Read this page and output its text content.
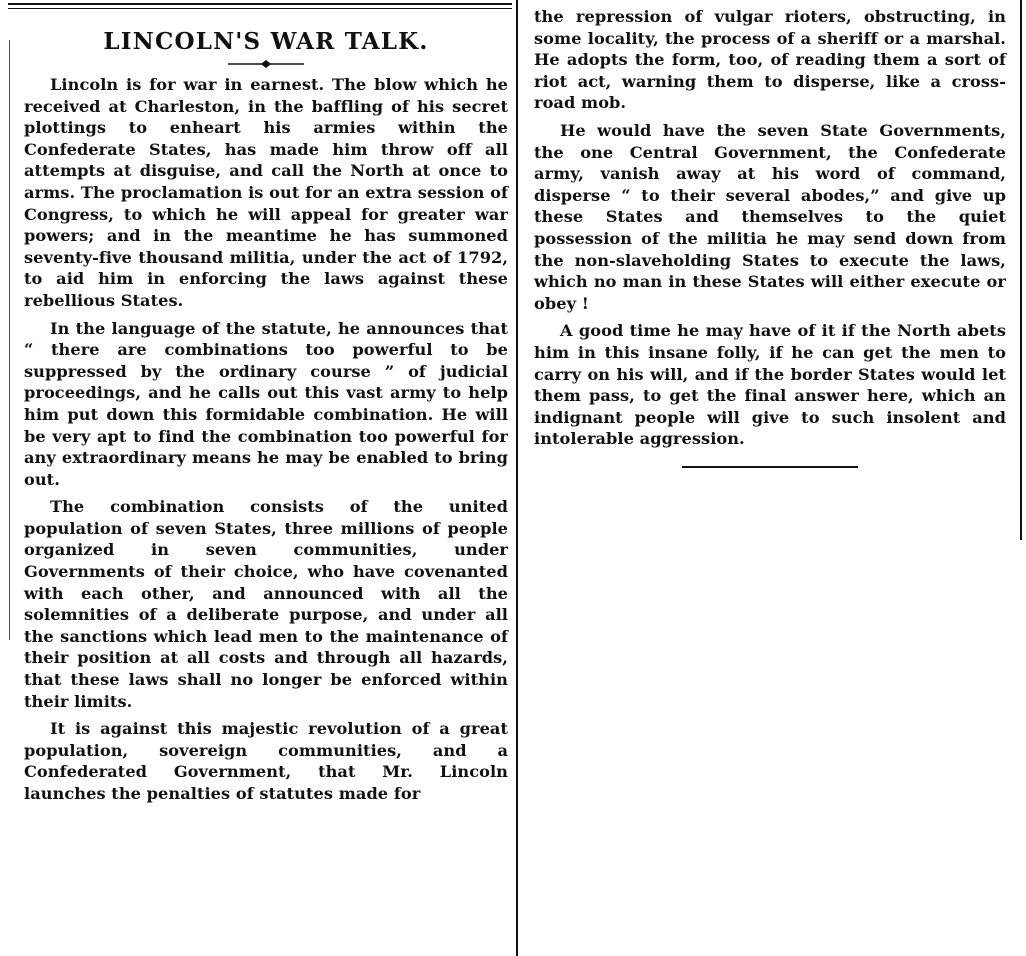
LINCOLN'S WAR TALK.

Lincoln is for war in earnest. The blow which he received at Charleston, in the baffling of his secret plottings to enheart his armies within the Confederate States, has made him throw off all attempts at disguise, and call the North at once to arms. The proclamation is out for an extra session of Congress, to which he will appeal for greater war powers; and in the meantime he has summoned seventy-five thousand militia, under the act of 1792, to aid him in enforcing the laws against these rebellious States.

In the language of the statute, he announces that “ there are combinations too powerful to be suppressed by the ordinary course ” of judicial proceedings, and he calls out this vast army to help him put down this formidable combination. He will be very apt to find the combination too powerful for any extraordinary means he may be enabled to bring out.

The combination consists of the united population of seven States, three millions of people organized in seven communities, under Governments of their choice, who have covenanted with each other, and announced with all the solemnities of a deliberate purpose, and under all the sanctions which lead men to the maintenance of their position at all costs and through all hazards, that these laws shall no longer be enforced within their limits.

It is against this majestic revolution of a great population, sovereign communities, and a Confederated Government, that Mr. Lincoln launches the penalties of statutes made for

the repression of vulgar rioters, obstructing, in some locality, the process of a sheriff or a marshal. He adopts the form, too, of reading them a sort of riot act, warning them to disperse, like a cross-road mob.

He would have the seven State Governments, the one Central Government, the Confederate army, vanish away at his word of command, disperse “ to their several abodes,” and give up these States and themselves to the quiet possession of the militia he may send down from the non-slaveholding States to execute the laws, which no man in these States will either execute or obey !

A good time he may have of it if the North abets him in this insane folly, if he can get the men to carry on his will, and if the border States would let them pass, to get the final answer here, which an indignant people will give to such insolent and intolerable aggression.
